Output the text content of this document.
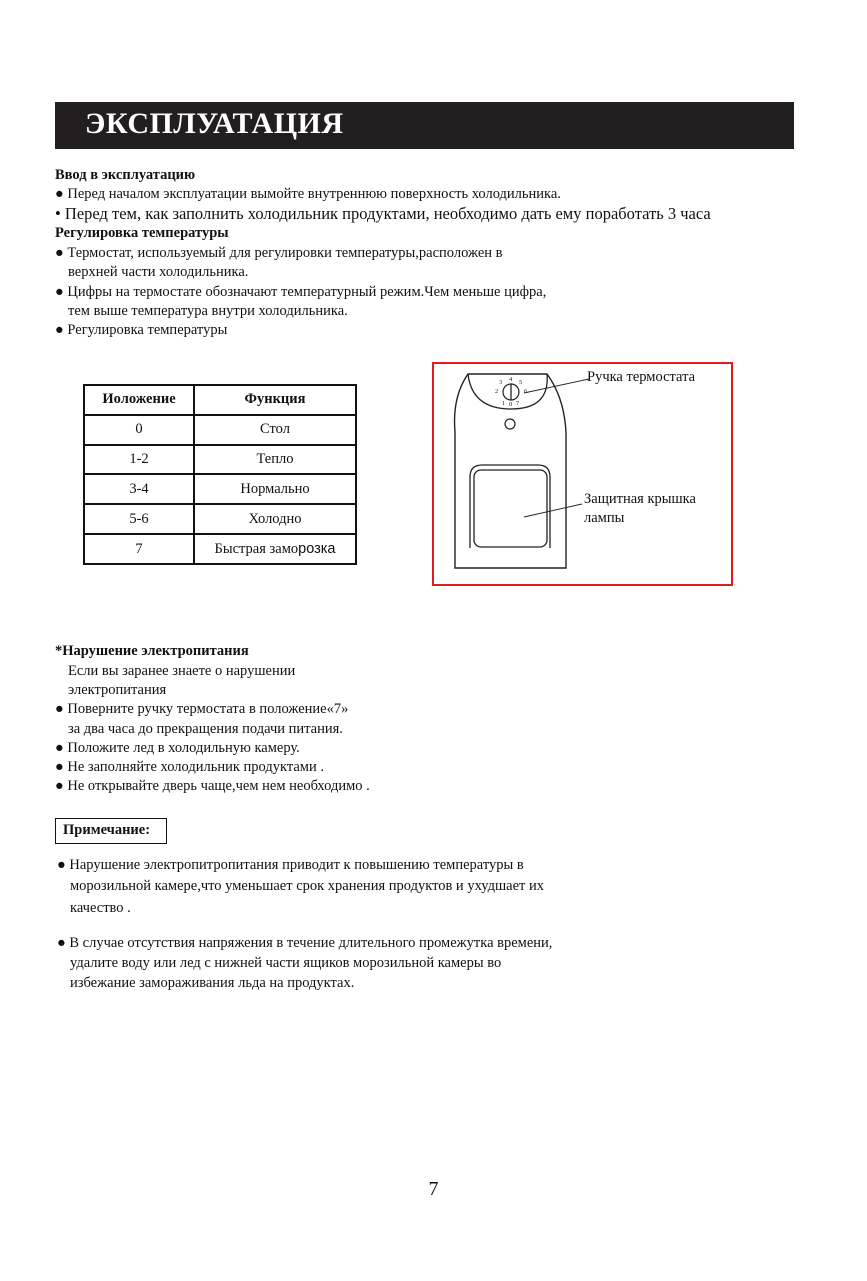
ЭКСПЛУАТАЦИЯ
Ввод в эксплуатацию
● Перед началом эксплуатации вымойте внутреннюю поверхность холодильника.
• Перед тем, как заполнить холодильник продуктами, необходимо дать ему поработать 3 часа
Регулировка температуры
● Термостат, используемый для регулировки температуры,расположен в
верхней части холодильника.
● Цифры на термостате обозначают температурный режим.Чем меньше цифра,
тем выше температура внутри холодильника.
● Регулировка температуры
Иоложение	Функция
0	Стол
1-2	Тепло
3-4	Нормально
5-6	Холодно
7	Быстрая заморозка
3 4 5
2	6
1 0 7
Ручка термостата
Защитная крышка
лампы
*Нарушение электропитания
Если вы заранее знаете о нарушении
электропитания
● Поверните ручку термостата в положение«7»
за два часа до прекращения подачи питания.
● Положите лед в холодильную камеру.
● Не заполняйте холодильник продуктами .
● Не открывайте дверь чаще,чем нем необходимо .
Примечание:
● Нарушение электропитропитания приводит к повышению температуры в
морозильной камере,что уменьшает срок хранения продуктов и ухудшает их
качество .
● В случае отсутствия напряжения в течение длительного промежутка времени,
удалите воду или лед с нижней части ящиков морозильной камеры во
избежание замораживания льда на продуктах.
7
